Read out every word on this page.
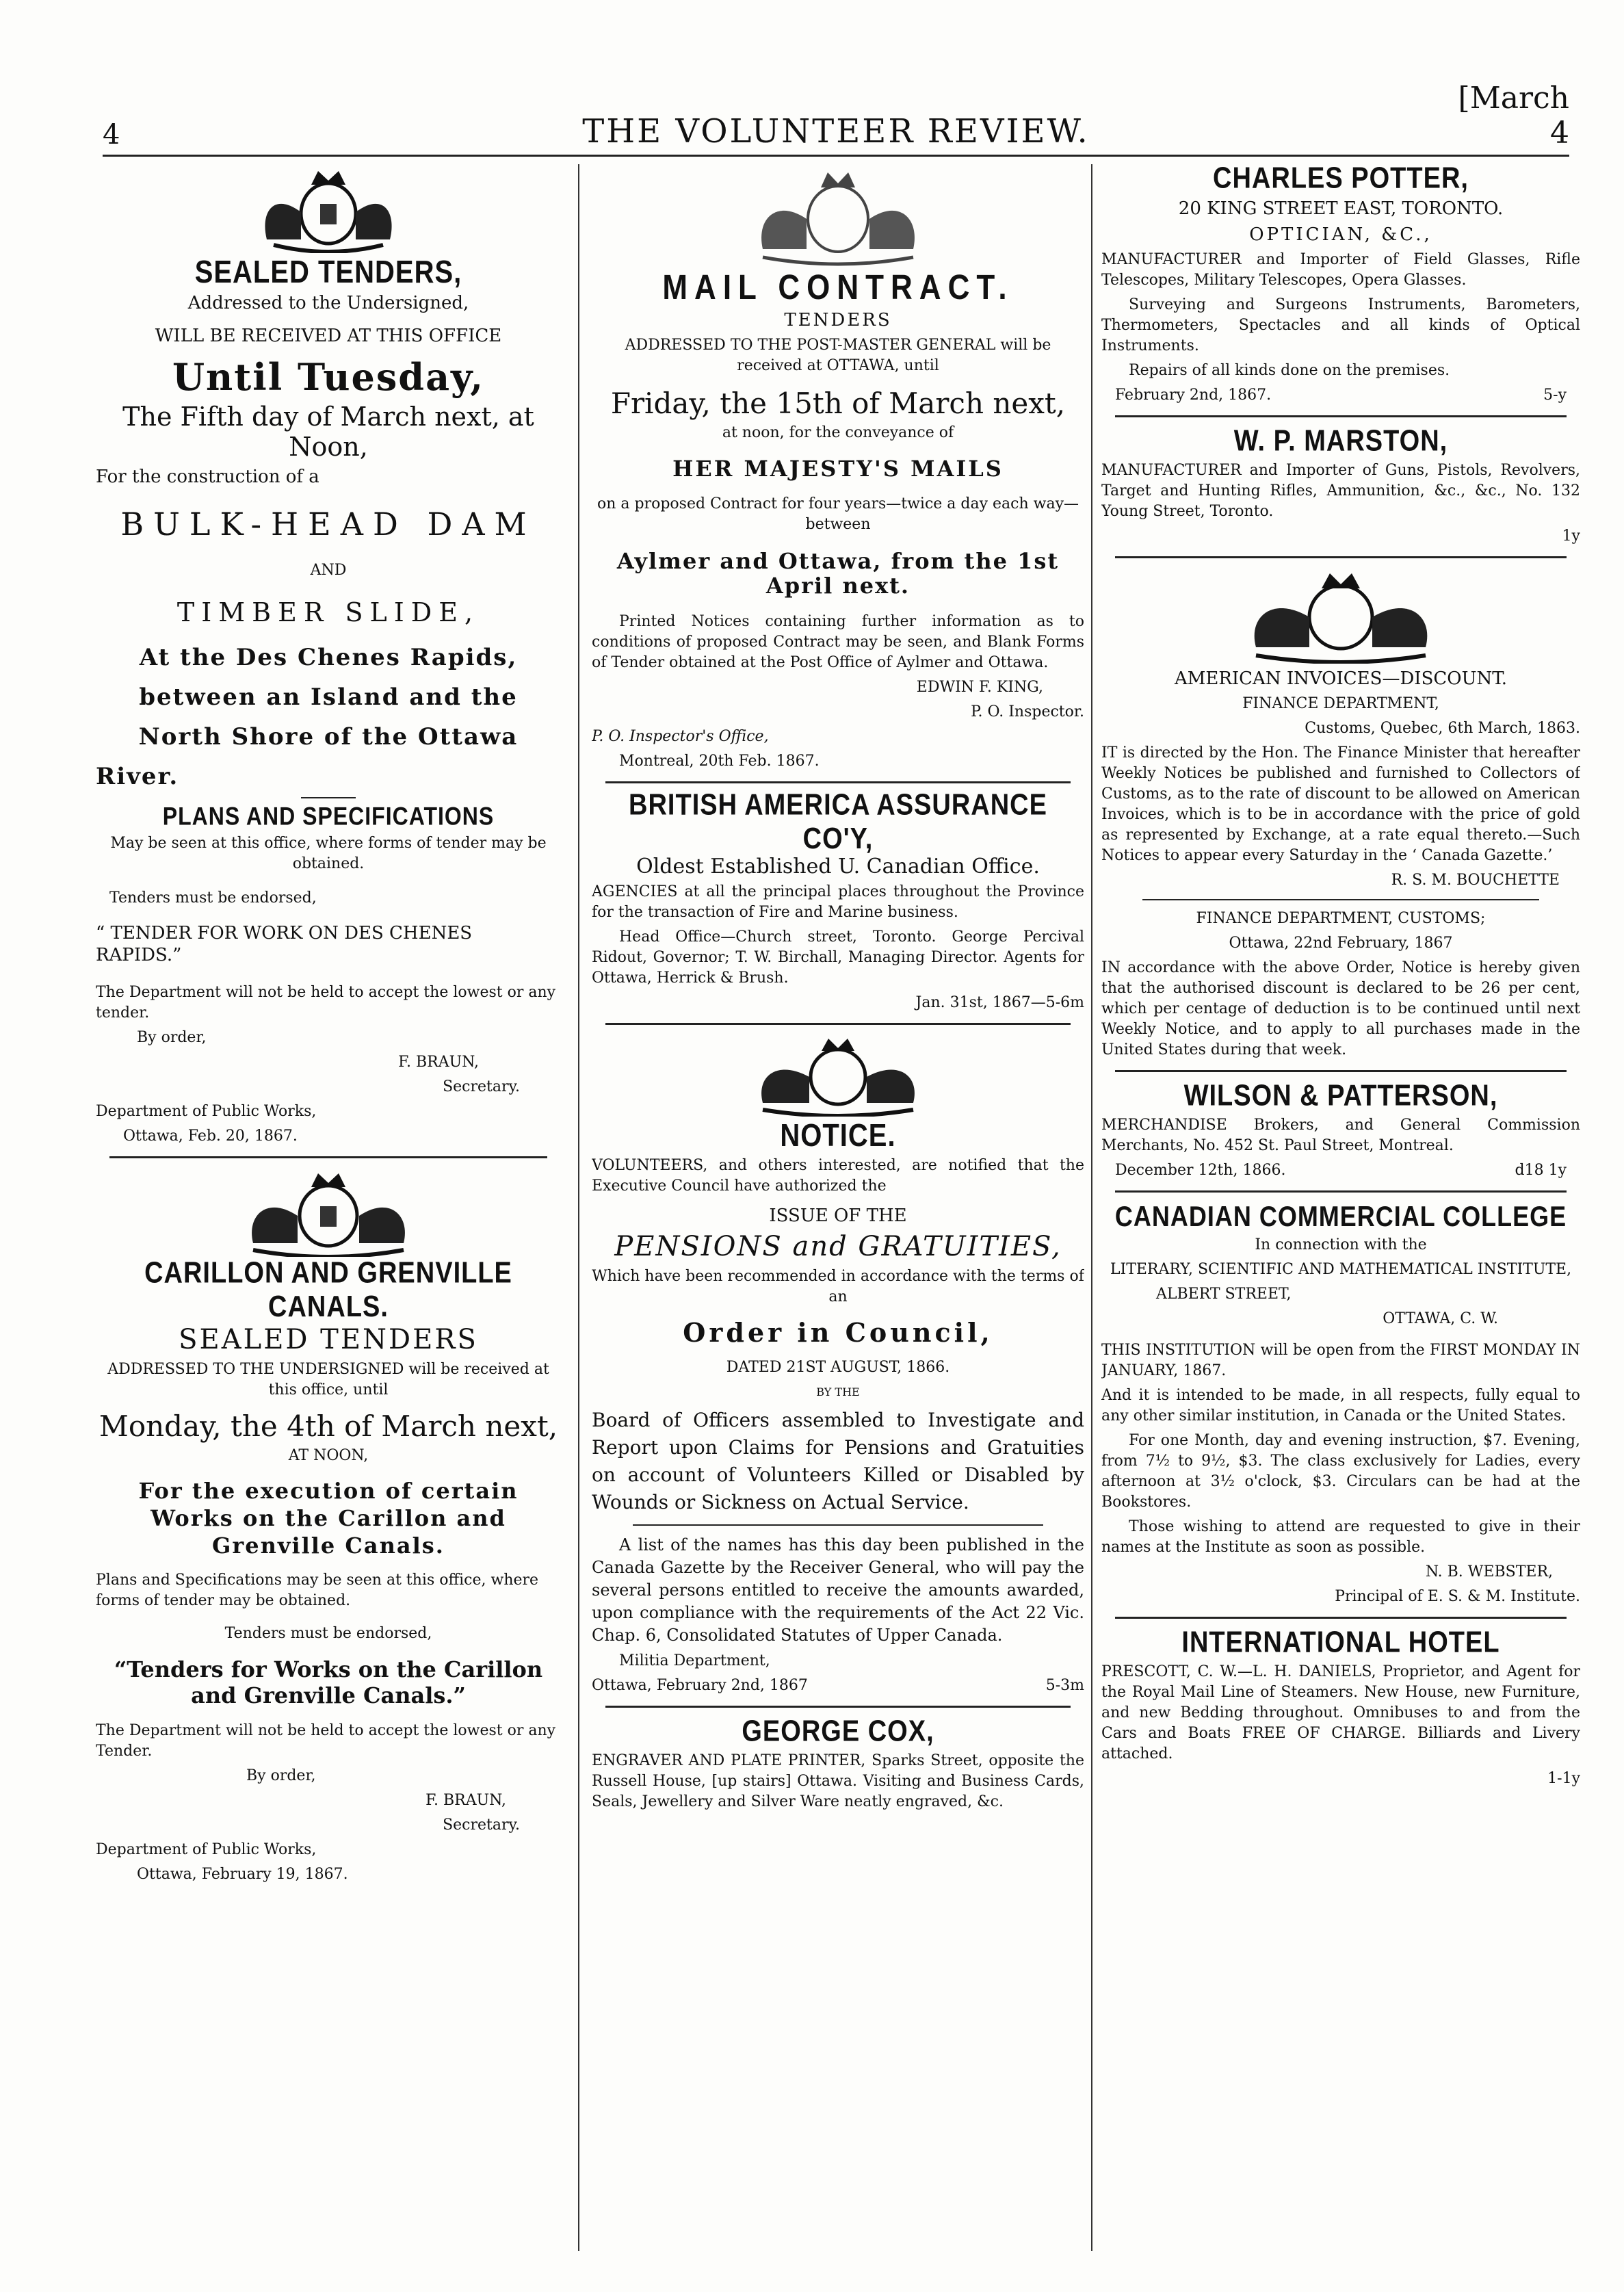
4	THE VOLUNTEER REVIEW.
[March 4
SEALED TENDERS,

Addressed to the Undersigned,

WILL BE RECEIVED AT THIS OFFICE

Until Tuesday,

The Fifth day of March next, at Noon,

For the construction of a

BULK-HEAD DAM

AND

TIMBER SLIDE,

At the Des Chenes Rapids,

between an Island and the

North Shore of the Ottawa

River.

PLANS AND SPECIFICATIONS

May be seen at this office, where forms of tender may be obtained.

Tenders must be endorsed,

“ TENDER FOR WORK ON DES CHENES RAPIDS.”

The Department will not be held to accept the lowest or any tender.

By order,

F. BRAUN,

Secretary.

Department of Public Works,

Ottawa, Feb. 20, 1867.

CARILLON AND GRENVILLE CANALS.

SEALED TENDERS

ADDRESSED TO THE UNDERSIGNED will be received at this office, until

Monday, the 4th of March next,

AT NOON,

For the execution of certain Works on the Carillon and Grenville Canals.

Plans and Specifications may be seen at this office, where forms of tender may be obtained.

Tenders must be endorsed,

“Tenders for Works on the Carillon and Grenville Canals.”

The Department will not be held to accept the lowest or any Tender.

By order,

F. BRAUN,

Secretary.

Department of Public Works,

Ottawa, February 19, 1867.

MAIL CONTRACT.

TENDERS

ADDRESSED TO THE POST-MASTER GENERAL will be received at OTTAWA, until

Friday, the 15th of March next,

at noon, for the conveyance of

HER MAJESTY'S MAILS

on a proposed Contract for four years—twice a day each way—between

Aylmer and Ottawa, from the 1st April next.

Printed Notices containing further information as to conditions of proposed Contract may be seen, and Blank Forms of Tender obtained at the Post Office of Aylmer and Ottawa.

EDWIN F. KING,

P. O. Inspector.

P. O. Inspector's Office,

Montreal, 20th Feb. 1867.

BRITISH AMERICA ASSURANCE CO'Y,

Oldest Established U. Canadian Office.

AGENCIES at all the principal places throughout the Province for the transaction of Fire and Marine business.

Head Office—Church street, Toronto. George Percival Ridout, Governor; T. W. Birchall, Managing Director. Agents for Ottawa, Herrick & Brush.

Jan. 31st, 1867—5-6m

NOTICE.

VOLUNTEERS, and others interested, are notified that the Executive Council have authorized the

ISSUE OF THE

PENSIONS and GRATUITIES,

Which have been recommended in accordance with the terms of an

Order in Council,

DATED 21ST AUGUST, 1866.

BY THE

Board of Officers assembled to Investigate and Report upon Claims for Pensions and Gratuities on account of Volunteers Killed or Disabled by Wounds or Sickness on Actual Service.

A list of the names has this day been published in the Canada Gazette by the Receiver General, who will pay the several persons entitled to receive the amounts awarded, upon compliance with the requirements of the Act 22 Vic. Chap. 6, Consolidated Statutes of Upper Canada.

Militia Department,

Ottawa, February 2nd, 1867	5-3m

GEORGE COX,

ENGRAVER AND PLATE PRINTER, Sparks Street, opposite the Russell House, [up stairs] Ottawa. Visiting and Business Cards, Seals, Jewellery and Silver Ware neatly engraved, &c.

CHARLES POTTER,

20 KING STREET EAST, TORONTO.

OPTICIAN, &C.,

MANUFACTURER and Importer of Field Glasses, Rifle Telescopes, Military Telescopes, Opera Glasses.

Surveying and Surgeons Instruments, Barometers, Thermometers, Spectacles and all kinds of Optical Instruments.

Repairs of all kinds done on the premises.

February 2nd, 1867.	5-y

W. P. MARSTON,

MANUFACTURER and Importer of Guns, Pistols, Revolvers, Target and Hunting Rifles, Ammunition, &c., &c., No. 132 Young Street, Toronto.

1y

AMERICAN INVOICES—DISCOUNT.

FINANCE DEPARTMENT,

Customs, Quebec, 6th March, 1863.

IT is directed by the Hon. The Finance Minister that hereafter Weekly Notices be published and furnished to Collectors of Customs, as to the rate of discount to be allowed on American Invoices, which is to be in accordance with the price of gold as represented by Exchange, at a rate equal thereto.—Such Notices to appear every Saturday in the ‘ Canada Gazette.’

R. S. M. BOUCHETTE

FINANCE DEPARTMENT, CUSTOMS;

Ottawa, 22nd February, 1867

IN accordance with the above Order, Notice is hereby given that the authorised discount is declared to be 26 per cent, which per centage of deduction is to be continued until next Weekly Notice, and to apply to all purchases made in the United States during that week.

WILSON & PATTERSON,

MERCHANDISE Brokers, and General Commission Merchants, No. 452 St. Paul Street, Montreal.

December 12th, 1866.	d18 1y

CANADIAN COMMERCIAL COLLEGE

In connection with the

LITERARY, SCIENTIFIC AND MATHEMATICAL INSTITUTE,

ALBERT STREET,

OTTAWA, C. W.

THIS INSTITUTION will be open from the FIRST MONDAY IN JANUARY, 1867.

And it is intended to be made, in all respects, fully equal to any other similar institution, in Canada or the United States.

For one Month, day and evening instruction, $7. Evening, from 7½ to 9½, $3. The class exclusively for Ladies, every afternoon at 3½ o'clock, $3. Circulars can be had at the Bookstores.

Those wishing to attend are requested to give in their names at the Institute as soon as possible.

N. B. WEBSTER,

Principal of E. S. & M. Institute.

INTERNATIONAL HOTEL

PRESCOTT, C. W.—L. H. DANIELS, Proprietor, and Agent for the Royal Mail Line of Steamers. New House, new Furniture, and new Bedding throughout. Omnibuses to and from the Cars and Boats FREE OF CHARGE. Billiards and Livery attached.

1-1y
